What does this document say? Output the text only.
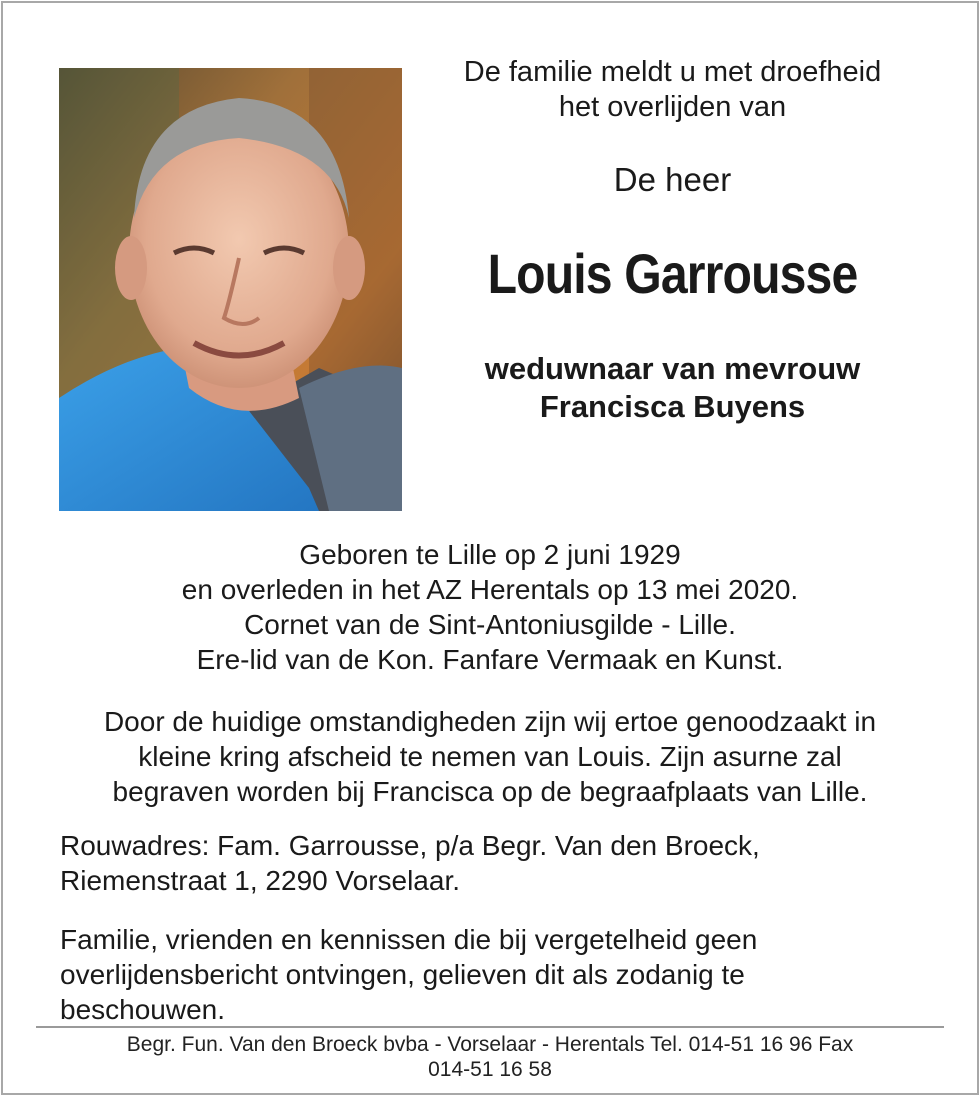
De familie meldt u met droefheid
het overlijden van
De heer
Louis Garrousse
weduwnaar van mevrouw
Francisca Buyens
Geboren te Lille op 2 juni 1929
en overleden in het AZ Herentals op 13 mei 2020.
Cornet van de Sint-Antoniusgilde - Lille.
Ere-lid van de Kon. Fanfare Vermaak en Kunst.
Door de huidige omstandigheden zijn wij ertoe genoodzaakt in
kleine kring afscheid te nemen van Louis. Zijn asurne zal
begraven worden bij Francisca op de begraafplaats van Lille.
Rouwadres: Fam. Garrousse, p/a Begr. Van den Broeck,
Riemenstraat 1, 2290 Vorselaar.
Familie, vrienden en kennissen die bij vergetelheid geen
overlijdensbericht ontvingen, gelieven dit als zodanig te
beschouwen.
Begr. Fun. Van den Broeck bvba - Vorselaar - Herentals Tel. 014-51 16 96 Fax
014-51 16 58
